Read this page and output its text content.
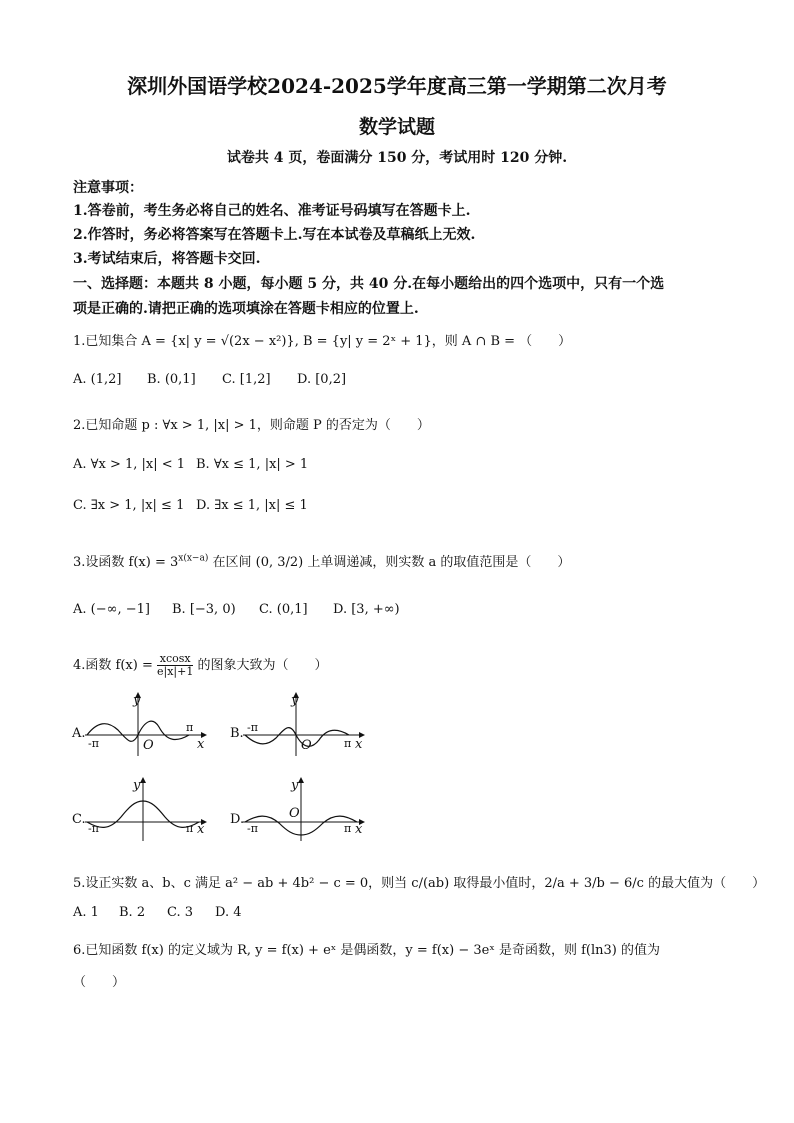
深圳外国语学校2024-2025学年度高三第一学期第二次月考
数学试题
试卷共 4 页，卷面满分 150 分，考试用时 120 分钟.
注意事项：
1.答卷前，考生务必将自己的姓名、准考证号码填写在答题卡上.
2.作答时，务必将答案写在答题卡上.写在本试卷及草稿纸上无效.
3.考试结束后，将答题卡交回.
一、选择题：本题共 8 小题，每小题 5 分，共 40 分.在每小题给出的四个选项中，只有一个选
项是正确的.请把正确的选项填涂在答题卡相应的位置上.
1.已知集合 A = {x| y = √(2x − x²)}, B = {y| y = 2ˣ + 1}，则 A ∩ B = （　　）
A. (1,2] B. (0,1] C. [1,2] D. [0,2]
2.已知命题 p : ∀x > 1, |x| > 1，则命题 P 的否定为（　　）
A. ∀x > 1, |x| < 1 B. ∀x ≤ 1, |x| > 1
C. ∃x > 1, |x| ≤ 1 D. ∃x ≤ 1, |x| ≤ 1
3.设函数 $f(x) = 3^{x(x-a)}$ 在区间 (0, 3/2) 上单调递减，则实数 a 的取值范围是（　　）
A. (−∞, −1] B. [−3, 0) C. (0,1] D. [3, +∞)
4.函数 $f(x) = \frac{xcosx}{e|x|+1}$ 的图象大致为（　　）
A.
y
x
O
-π
π	B.
y
x
O
-π
π
C.
y
x
-π	π
D.
y
x
O
-π	π
5.设正实数 a、b、c 满足 a² − ab + 4b² − c = 0，则当 c/(ab) 取得最小值时，2/a + 3/b − 6/c 的最大值为（　　）
A. 1 B. 2 C. 3 D. 4
6.已知函数 f(x) 的定义域为 R, y = f(x) + eˣ 是偶函数，y = f(x) − 3eˣ 是奇函数，则 f(ln3) 的值为
（　　）
